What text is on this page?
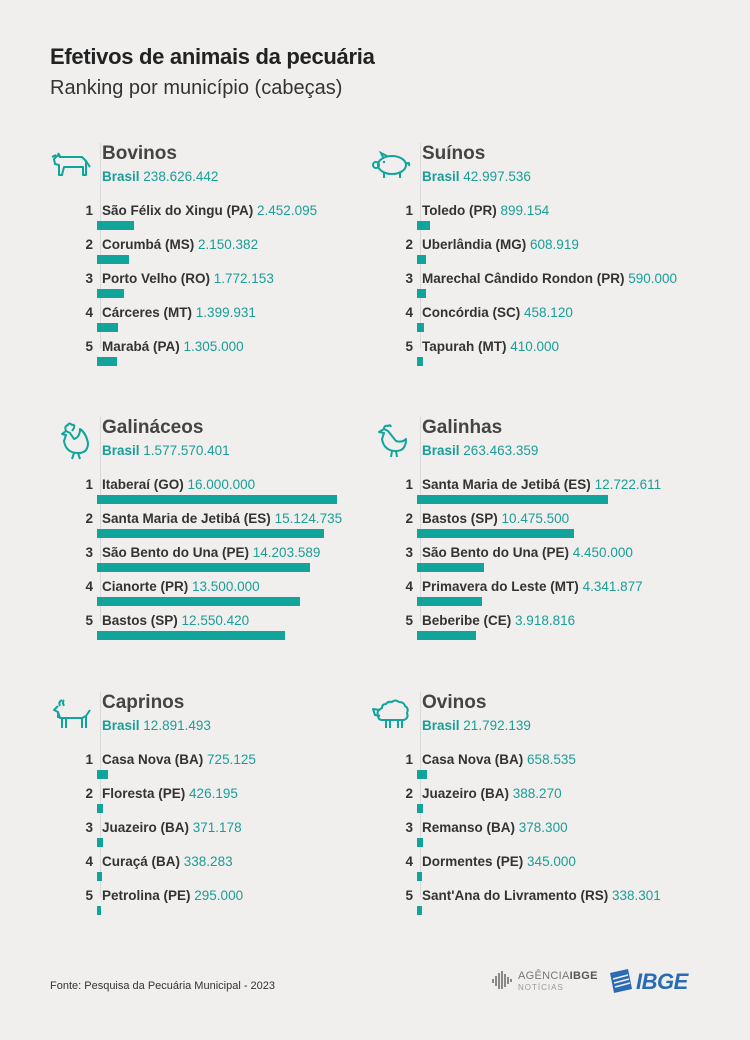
Efetivos de animais da pecuária
Ranking por município (cabeças)
Bovinos
Brasil 238.626.442
1 São Félix do Xingu (PA) 2.452.095
2 Corumbá (MS) 2.150.382
3 Porto Velho (RO) 1.772.153
4 Cárceres (MT) 1.399.931
5 Marabá (PA) 1.305.000
Suínos
Brasil 42.997.536
1 Toledo (PR) 899.154
2 Uberlândia (MG) 608.919
3 Marechal Cândido Rondon (PR) 590.000
4 Concórdia (SC) 458.120
5 Tapurah (MT) 410.000
Galináceos
Brasil 1.577.570.401
1 Itaberaí (GO) 16.000.000
2 Santa Maria de Jetibá (ES) 15.124.735
3 São Bento do Una (PE) 14.203.589
4 Cianorte (PR) 13.500.000
5 Bastos (SP) 12.550.420
Galinhas
Brasil 263.463.359
1 Santa Maria de Jetibá (ES) 12.722.611
2 Bastos (SP) 10.475.500
3 São Bento do Una (PE) 4.450.000
4 Primavera do Leste (MT) 4.341.877
5 Beberibe (CE) 3.918.816
Caprinos
Brasil 12.891.493
1 Casa Nova (BA) 725.125
2 Floresta (PE) 426.195
3 Juazeiro (BA) 371.178
4 Curaçá (BA) 338.283
5 Petrolina (PE) 295.000
Ovinos
Brasil 21.792.139
1 Casa Nova (BA) 658.535
2 Juazeiro (BA) 388.270
3 Remanso (BA) 378.300
4 Dormentes (PE) 345.000
5 Sant'Ana do Livramento (RS) 338.301
Fonte: Pesquisa da Pecuária Municipal - 2023
AGÊNCIAIBGE
NOTÍCIAS	IBGE
